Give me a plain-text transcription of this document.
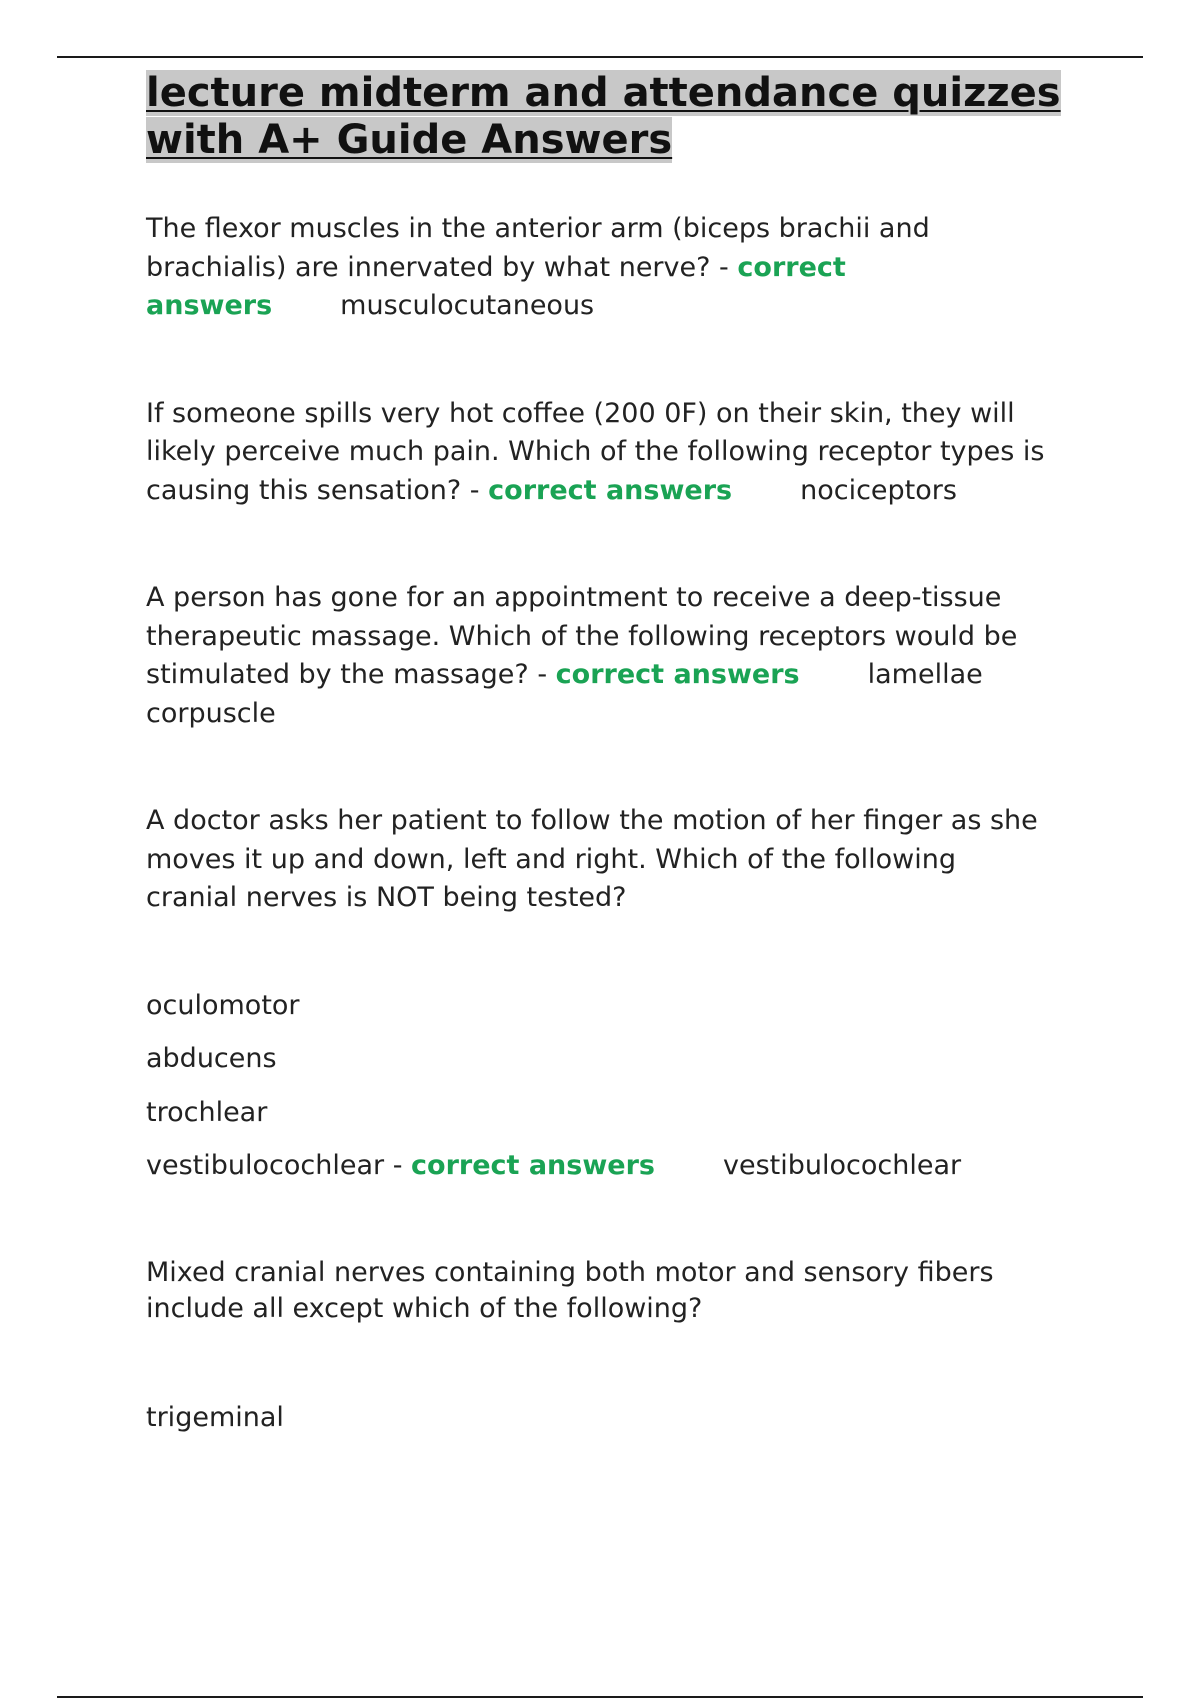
lecture midterm and attendance quizzes
with A+ Guide Answers

The flexor muscles in the anterior arm (biceps brachii and
brachialis) are innervated by what nerve? - correct
answers	musculocutaneous

If someone spills very hot coffee (200 0F) on their skin, they will
likely perceive much pain. Which of the following receptor types is
causing this sensation? - correct answers	nociceptors

A person has gone for an appointment to receive a deep-tissue
therapeutic massage. Which of the following receptors would be
stimulated by the massage? - correct answers	lamellae
corpuscle

A doctor asks her patient to follow the motion of her finger as she
moves it up and down, left and right. Which of the following
cranial nerves is NOT being tested?

oculomotor

abducens

trochlear

vestibulocochlear - correct answers	vestibulocochlear

Mixed cranial nerves containing both motor and sensory fibers
include all except which of the following?

trigeminal
